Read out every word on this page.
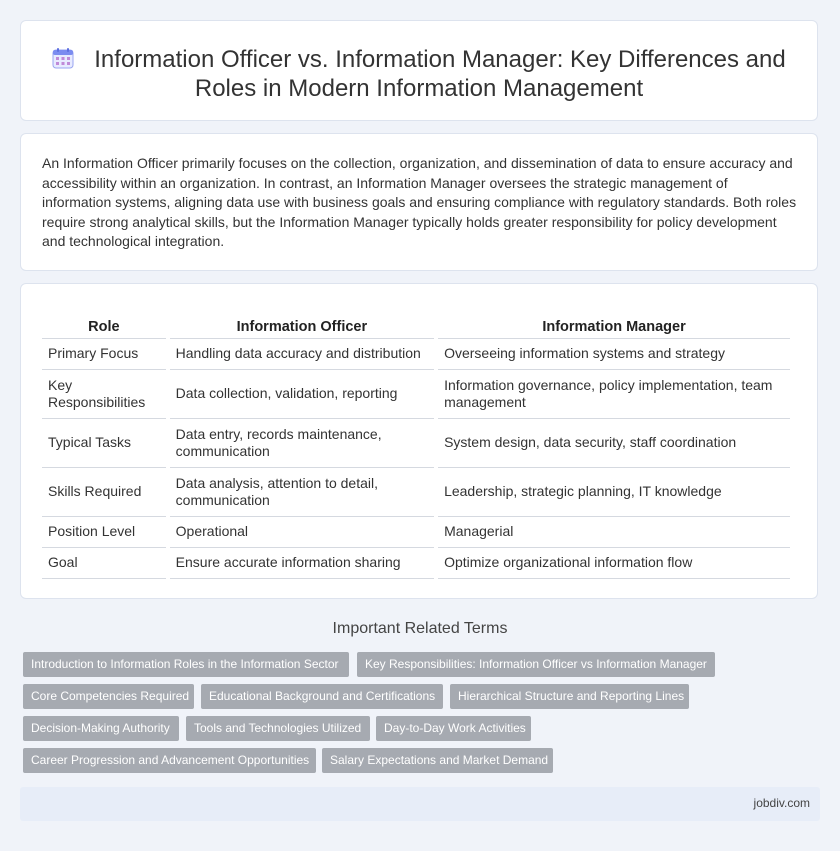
Information Officer vs. Information Manager: Key Differences and
Roles in Modern Information Management

An Information Officer primarily focuses on the collection, organization, and dissemination of data to ensure accuracy and accessibility within an organization. In contrast, an Information Manager oversees the strategic management of information systems, aligning data use with business goals and ensuring compliance with regulatory standards. Both roles require strong analytical skills, but the Information Manager typically holds greater responsibility for policy development and technological integration.

Role	Information Officer	Information Manager
Primary Focus	Handling data accuracy and distribution	Overseeing information systems and strategy
Key Responsibilities	Data collection, validation, reporting	Information governance, policy implementation, team management
Typical Tasks	Data entry, records maintenance, communication	System design, data security, staff coordination
Skills Required	Data analysis, attention to detail, communication	Leadership, strategic planning, IT knowledge
Position Level	Operational	Managerial
Goal	Ensure accurate information sharing	Optimize organizational information flow
Important Related Terms
Introduction to Information Roles in the Information Sector	Key Responsibilities: Information Officer vs Information Manager
Core Competencies Required	Educational Background and Certifications	Hierarchical Structure and Reporting Lines
Decision-Making Authority	Tools and Technologies Utilized	Day-to-Day Work Activities
Career Progression and Advancement Opportunities	Salary Expectations and Market Demand
jobdiv.com
